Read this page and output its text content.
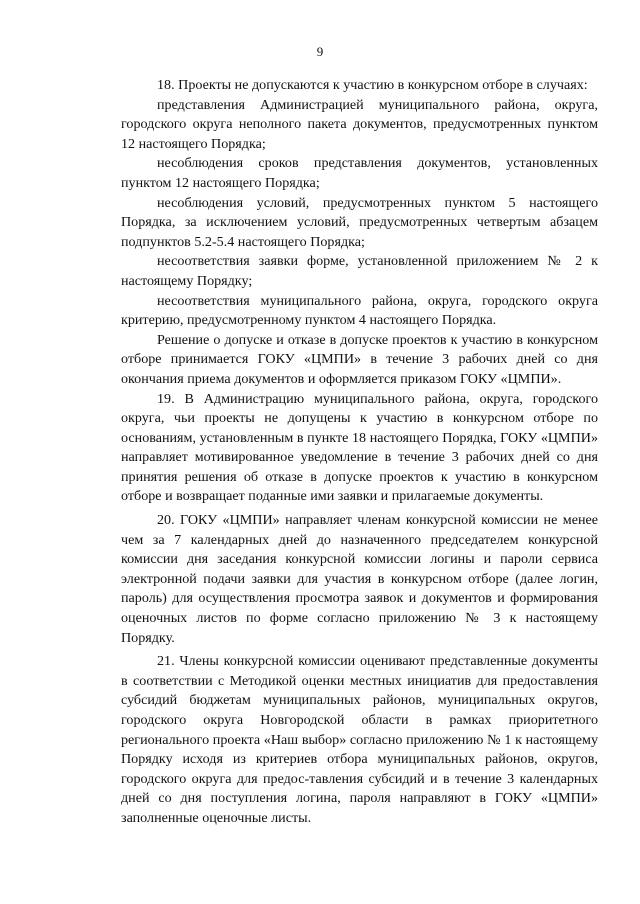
9

18. Проекты не допускаются к участию в конкурсном отборе в случаях:

представления Администрацией муниципального района, округа, городского округа неполного пакета документов, предусмотренных пунктом 12 настоящего Порядка;

несоблюдения сроков представления документов, установленных пунктом 12 настоящего Порядка;

несоблюдения условий, предусмотренных пунктом 5 настоящего Порядка, за исключением условий, предусмотренных четвертым абзацем подпунктов 5.2-5.4 настоящего Порядка;

несоответствия заявки форме, установленной приложением № 2 к настоящему Порядку;

несоответствия муниципального района, округа, городского округа критерию, предусмотренному пунктом 4 настоящего Порядка.

Решение о допуске и отказе в допуске проектов к участию в конкурсном отборе принимается ГОКУ «ЦМПИ» в течение 3 рабочих дней со дня окончания приема документов и оформляется приказом ГОКУ «ЦМПИ».

19. В Администрацию муниципального района, округа, городского округа, чьи проекты не допущены к участию в конкурсном отборе по основаниям, установленным в пункте 18 настоящего Порядка, ГОКУ «ЦМПИ» направляет мотивированное уведомление в течение 3 рабочих дней со дня принятия решения об отказе в допуске проектов к участию в конкурсном отборе и возвращает поданные ими заявки и прилагаемые документы.

20. ГОКУ «ЦМПИ» направляет членам конкурсной комиссии не менее чем за 7 календарных дней до назначенного председателем конкурсной комиссии дня заседания конкурсной комиссии логины и пароли сервиса электронной подачи заявки для участия в конкурсном отборе (далее логин, пароль) для осуществления просмотра заявок и документов и формирования оценочных листов по форме согласно приложению № 3 к настоящему Порядку.

21. Члены конкурсной комиссии оценивают представленные документы в соответствии с Методикой оценки местных инициатив для предоставления субсидий бюджетам муниципальных районов, муниципальных округов, городского округа Новгородской области в рамках приоритетного регионального проекта «Наш выбор» согласно приложению № 1 к настоящему Порядку исходя из критериев отбора муниципальных районов, округов, городского округа для предос-тавления субсидий и в течение 3 календарных дней со дня поступления логина, пароля направляют в ГОКУ «ЦМПИ» заполненные оценочные листы.
